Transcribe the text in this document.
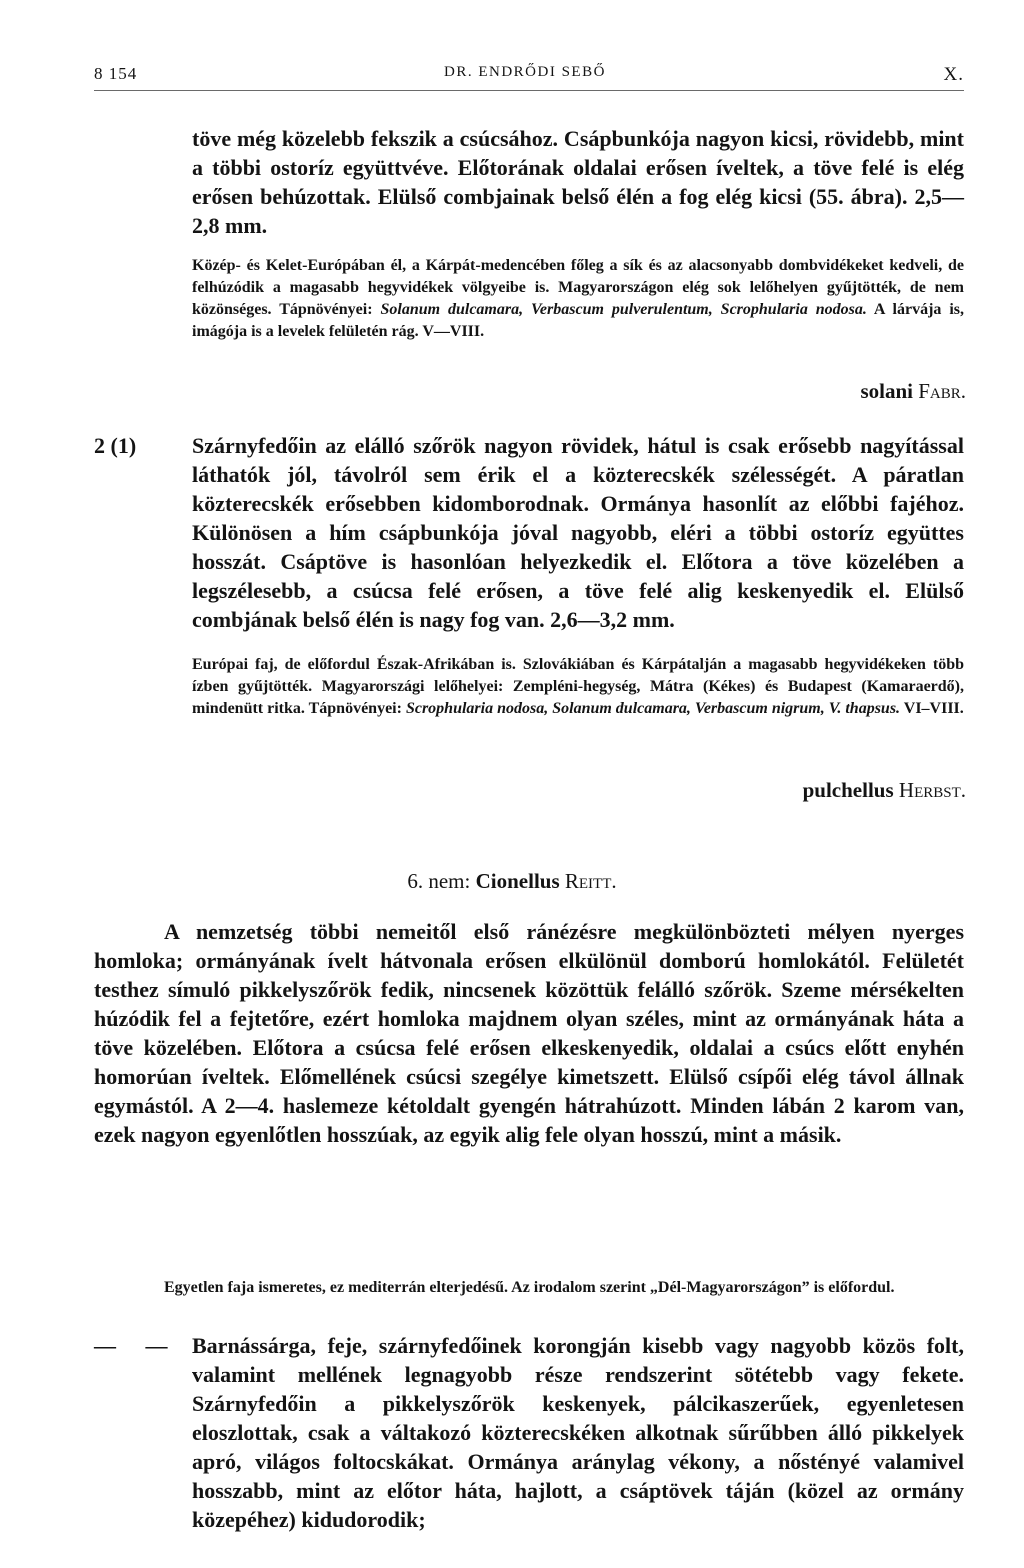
8 154	DR. ENDRŐDI SEBŐ	X.

töve még közelebb fekszik a csúcsához. Csápbunkója nagyon kicsi, rövidebb, mint a többi ostoríz együttvéve. Előtorának oldalai erősen íveltek, a töve felé is elég erősen behúzottak. Elülső combjainak belső élén a fog elég kicsi (55. ábra). 2,5—2,8 mm.

Közép- és Kelet-Európában él, a Kárpát-medencében főleg a sík és az alacsonyabb dombvidékeket kedveli, de felhúzódik a magasabb hegyvidékek völgyeibe is. Magyarországon elég sok lelőhelyen gyűjtötték, de nem közönséges. Tápnövényei: Solanum dulcamara, Verbascum pulverulentum, Scrophularia nodosa. A lárvája is, imágója is a levelek felületén rág. V—VIII.

solani Fabr.
2 (1)	Szárnyfedőin az elálló szőrök nagyon rövidek, hátul is csak erősebb nagyítással láthatók jól, távolról sem érik el a közterecskék szélességét. A páratlan közterecskék erősebben kidomborodnak. Ormánya hasonlít az előbbi fajéhoz. Különösen a hím csápbunkója jóval nagyobb, eléri a többi ostoríz együttes hosszát. Csáptöve is hasonlóan helyezkedik el. Előtora a töve közelében a legszélesebb, a csúcsa felé erősen, a töve felé alig keskenyedik el. Elülső combjának belső élén is nagy fog van. 2,6—3,2 mm.

Európai faj, de előfordul Észak-Afrikában is. Szlovákiában és Kárpátalján a magasabb hegyvidékeken több ízben gyűjtötték. Magyarországi lelőhelyei: Zempléni-hegység, Mátra (Kékes) és Budapest (Kamaraerdő), mindenütt ritka. Tápnövényei: Scrophularia nodosa, Solanum dulcamara, Verbascum nigrum, V. thapsus. VI–VIII.

pulchellus Herbst.
6. nem: Cionellus Reitt.

A nemzetség többi nemeitől első ránézésre megkülönbözteti mélyen nyerges homloka; ormányának ívelt hátvonala erősen elkülönül domború homlokától. Felületét testhez símuló pikkelyszőrök fedik, nincsenek közöttük felálló szőrök. Szeme mérsékelten húzódik fel a fejtetőre, ezért homloka majdnem olyan széles, mint az ormányának háta a töve közelében. Előtora a csúcsa felé erősen elkeskenyedik, oldalai a csúcs előtt enyhén homorúan íveltek. Előmellének csúcsi szegélye kimetszett. Elülső csípői elég távol állnak egymástól. A 2—4. haslemeze kétoldalt gyengén hátrahúzott. Minden lábán 2 karom van, ezek nagyon egyenlőtlen hosszúak, az egyik alig fele olyan hosszú, mint a másik.

Egyetlen faja ismeretes, ez mediterrán elterjedésű. Az irodalom szerint „Dél-Magyarországon” is előfordul.

— — Barnássárga, feje, szárnyfedőinek korongján kisebb vagy nagyobb közös folt, valamint mellének legnagyobb része rendszerint sötétebb vagy fekete. Szárnyfedőin a pikkelyszőrök keskenyek, pálcikaszerűek, egyenletesen eloszlottak, csak a váltakozó közterecskéken alkotnak sűrűbben álló pikkelyek apró, világos foltocskákat. Ormánya aránylag vékony, a nőstényé valamivel hosszabb, mint az előtor háta, hajlott, a csáptövek táján (közel az ormány közepéhez) kidudorodik;
